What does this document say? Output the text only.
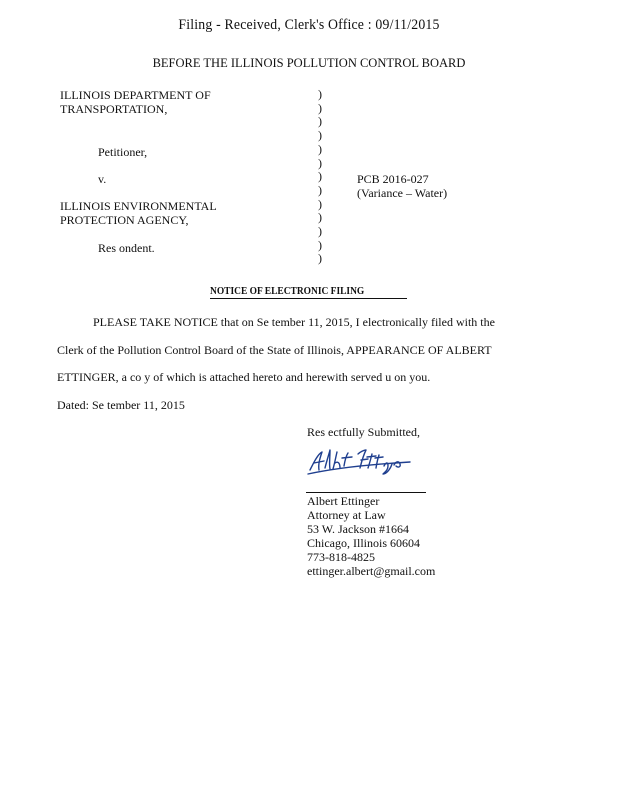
Filing - Received, Clerk's Office : 09/11/2015
BEFORE THE ILLINOIS POLLUTION CONTROL BOARD
ILLINOIS DEPARTMENT OF
TRANSPORTATION,
Petitioner,
v.
ILLINOIS ENVIRONMENTAL
PROTECTION AGENCY,
Res ondent.
)
)
)
)
)
)
)
)
)
)
)
)
)
PCB 2016-027
(Variance – Water)
NOTICE OF ELECTRONIC FILING
PLEASE TAKE NOTICE that on Se tember 11, 2015, I electronically filed with the
Clerk of the Pollution Control Board of the State of Illinois, APPEARANCE OF ALBERT
ETTINGER, a co y of which is attached hereto and herewith served u on you.
Dated: Se tember 11, 2015
Res ectfully Submitted,
Albert Ettinger
Attorney at Law
53 W. Jackson #1664
Chicago, Illinois 60604
773-818-4825
ettinger.albert@gmail.com
